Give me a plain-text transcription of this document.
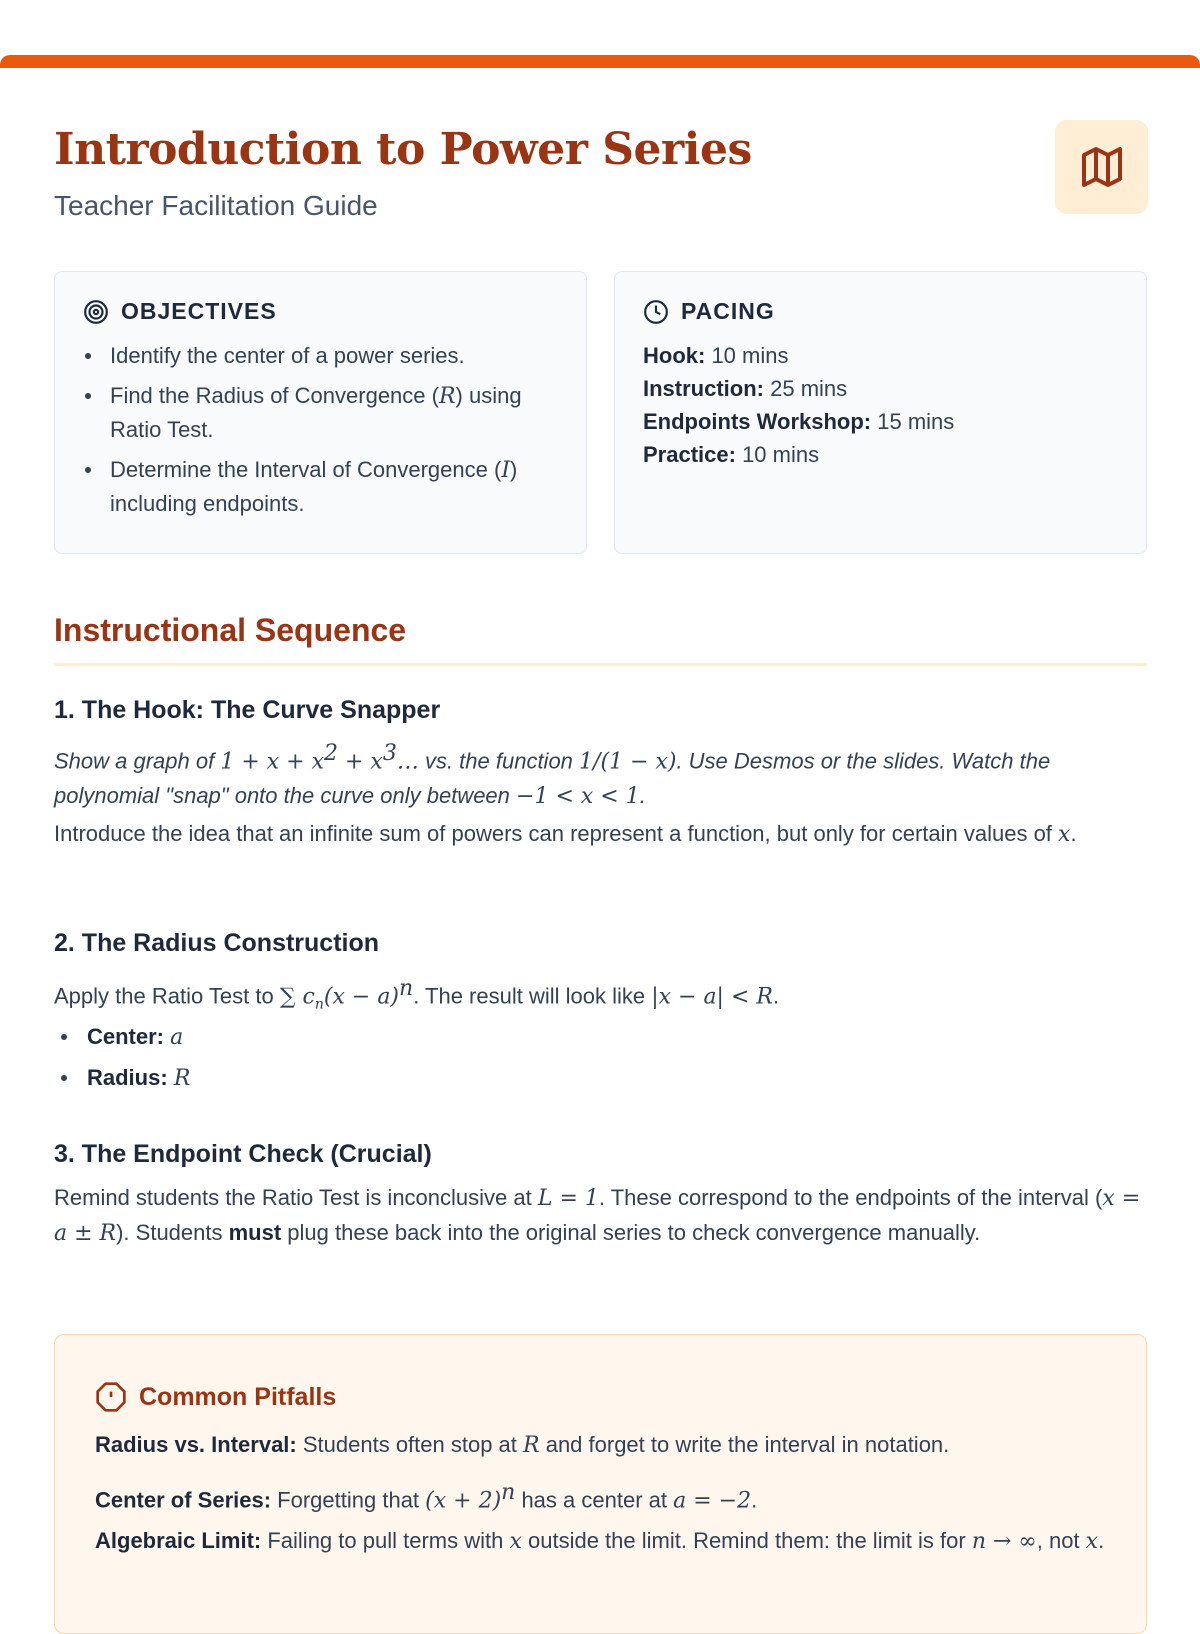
Introduction to Power Series
Teacher Facilitation Guide
OBJECTIVES
Identify the center of a power series.
Find the Radius of Convergence (R) using Ratio Test.
Determine the Interval of Convergence (I) including endpoints.
PACING
Hook: 10 mins
Instruction: 25 mins
Endpoints Workshop: 15 mins
Practice: 10 mins
Instructional Sequence
1. The Hook: The Curve Snapper

Show a graph of $1 + x + x^2$ + $x^3\dots$ vs. the function 1/(1 − x). Use Desmos or the slides. Watch the polynomial "snap" onto the curve only between −1 < x < 1.

Introduce the idea that an infinite sum of powers can represent a function, but only for certain values of x.

2. The Radius Construction

Apply the Ratio Test to ∑ $c_n(x - a)^n$. The result will look like |x − a| < R.

Center: a
Radius: R
3. The Endpoint Check (Crucial)

Remind students the Ratio Test is inconclusive at L = 1. These correspond to the endpoints of the interval (x = a ± R). Students must plug these back into the original series to check convergence manually.

Common Pitfalls
Radius vs. Interval: Students often stop at R and forget to write the interval in notation.
Center of Series: Forgetting that $(x + 2)^n$ has a center at a = −2.
Algebraic Limit: Failing to pull terms with x outside the limit. Remind them: the limit is for n → ∞, not x.
